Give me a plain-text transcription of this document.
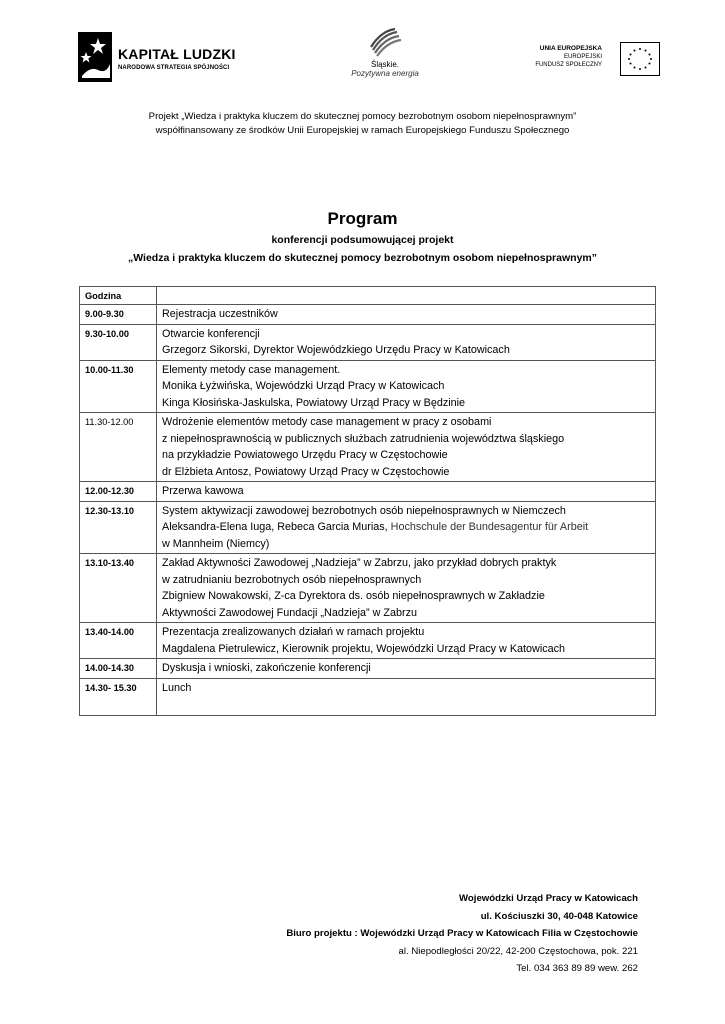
KAPITAŁ LUDZKI
NARODOWA STRATEGIA SPÓJNOŚCI	Śląskie.
Pozytywna energia
UNIA EUROPEJSKA
EUROPEJSKI
FUNDUSZ SPOŁECZNY
Projekt „Wiedza i praktyka kluczem do skutecznej pomocy bezrobotnym osobom niepełnosprawnym”
współfinansowany ze środków Unii Europejskiej w ramach Europejskiego Funduszu Społecznego
Program
konferencji podsumowującej projekt
„Wiedza i praktyka kluczem do skutecznej pomocy bezrobotnym osobom niepełnosprawnym”
Godzina	
9.00-9.30	Rejestracja uczestników

9.30-10.00	Otwarcie konferencji
Grzegorz Sikorski, Dyrektor Wojewódzkiego Urzędu Pracy w Katowicach

10.00-11.30	Elementy metody case management.
Monika Łyżwińska, Wojewódzki Urząd Pracy w Katowicach
Kinga Kłosińska-Jaskulska, Powiatowy Urząd Pracy w Będzinie

11.30-12.00	Wdrożenie elementów metody case management w pracy z osobami
z niepełnosprawnością w publicznych służbach zatrudnienia województwa śląskiego
na przykładzie Powiatowego Urzędu Pracy w Częstochowie
dr Elżbieta Antosz, Powiatowy Urząd Pracy w Częstochowie

12.00-12.30	Przerwa kawowa

12.30-13.10	System aktywizacji zawodowej bezrobotnych osób niepełnosprawnych w Niemczech
Aleksandra-Elena Iuga, Rebeca Garcia Murias, Hochschule der Bundesagentur für Arbeit
w Mannheim (Niemcy)

13.10-13.40	Zakład Aktywności Zawodowej „Nadzieja” w Zabrzu, jako przykład dobrych praktyk
w zatrudnianiu bezrobotnych osób niepełnosprawnych
Zbigniew Nowakowski, Z-ca Dyrektora ds. osób niepełnosprawnych w Zakładzie
Aktywności Zawodowej Fundacji „Nadzieja” w Zabrzu

13.40-14.00	Prezentacja zrealizowanych działań w ramach projektu
Magdalena Pietrulewicz, Kierownik projektu, Wojewódzki Urząd Pracy w Katowicach

14.00-14.30	Dyskusja i wnioski, zakończenie konferencji

14.30- 15.30	Lunch
Wojewódzki Urząd Pracy w Katowicach
ul. Kościuszki 30, 40-048 Katowice
Biuro projektu : Wojewódzki Urząd Pracy w Katowicach Filia w Częstochowie
al. Niepodległości 20/22, 42-200 Częstochowa, pok. 221
Tel. 034 363 89 89 wew. 262
